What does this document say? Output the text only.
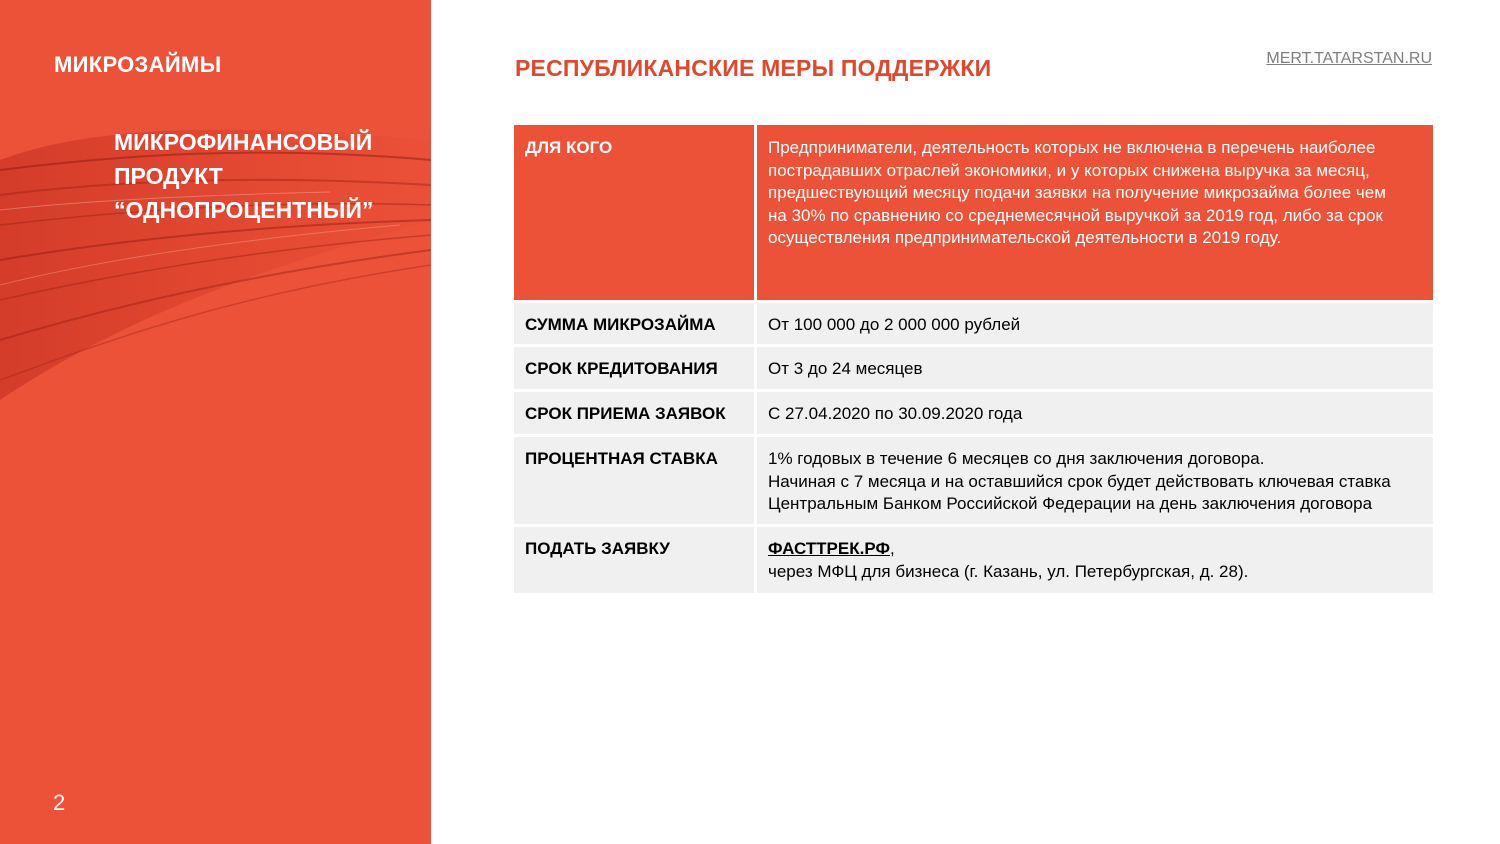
МИКРОЗАЙМЫ
МИКРОФИНАНСОВЫЙ
ПРОДУКТ
“ОДНОПРОЦЕНТНЫЙ”
2
MERT.TATARSTAN.RU
РЕСПУБЛИКАНСКИЕ МЕРЫ ПОДДЕРЖКИ
ДЛЯ КОГО	Предприниматели, деятельность которых не включена в перечень наиболее
пострадавших отраслей экономики, и у которых снижена выручка за месяц,
предшествующий месяцу подачи заявки на получение микрозайма более чем
на 30% по сравнению со среднемесячной выручкой за 2019 год, либо за срок
осуществления предпринимательской деятельности в 2019 году.

СУММА МИКРОЗАЙМА	От 100 000 до 2 000 000 рублей
СРОК КРЕДИТОВАНИЯ	От 3 до 24 месяцев
СРОК ПРИЕМА ЗАЯВОК	С 27.04.2020 по 30.09.2020 года
ПРОЦЕНТНАЯ СТАВКА	1% годовых в течение 6 месяцев со дня заключения договора.
Начиная с 7 месяца и на оставшийся срок будет действовать ключевая ставка
Центральным Банком Российской Федерации на день заключения договора

ПОДАТЬ ЗАЯВКУ	ФАСТТРЕК.РФ,
через МФЦ для бизнеса (г. Казань, ул. Петербургская, д. 28).
